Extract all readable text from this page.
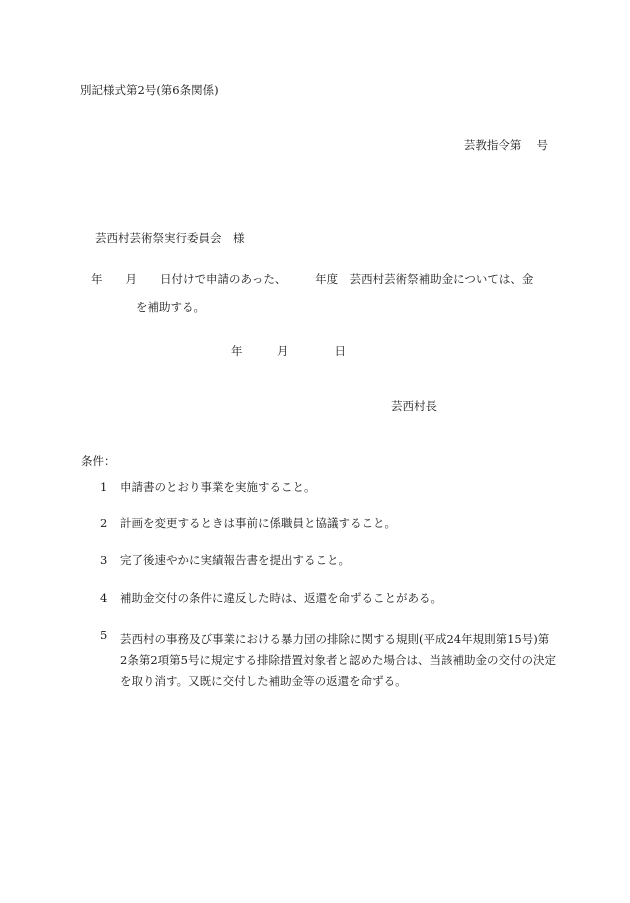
別記様式第2号(第6条関係)
芸教指令第　 号
芸西村芸術祭実行委員会　様
年　　月　　日付けで申請のあった、　　　年度　芸西村芸術祭補助金については、金
を補助する。
年　　　月　　　　日
芸西村長
条件：
1	申請書のとおり事業を実施すること。
2	計画を変更するときは事前に係職員と協議すること。
3	完了後速やかに実績報告書を提出すること。
4	補助金交付の条件に違反した時は、返還を命ずることがある。
5	芸西村の事務及び事業における暴力団の排除に関する規則(平成24年規則第15号)第
2条第2項第5号に規定する排除措置対象者と認めた場合は、当該補助金の交付の決定
を取り消す。又既に交付した補助金等の返還を命ずる。
